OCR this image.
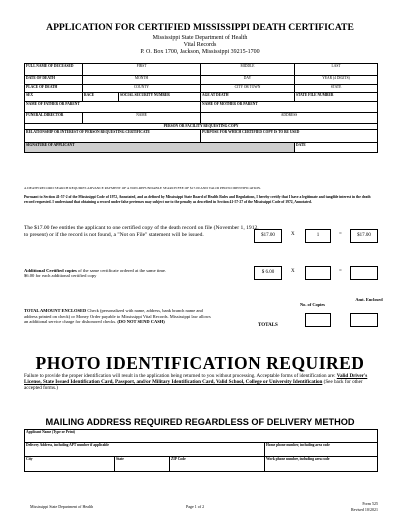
APPLICATION FOR CERTIFIED MISSISSIPPI DEATH CERTIFICATE
Mississippi State Department of Health
Vital Records
P. O. Box 1700, Jackson, Mississippi 39215-1700
FULL NAME OF DECEASED	FIRST		MIDDLE	LAST
DATE OF DEATH	MONTH		DAY	YEAR (4 DIGITS)
PLACE OF DEATH	COUNTY		CITY OR TOWN	STATE
SEX	RACE	SOCIAL SECURITY NUMBER	AGE AT DEATH	STATE FILE NUMBER
NAME OF FATHER OR PARENT			NAME OF MOTHER OR PARENT	
FUNERAL DIRECTOR	NAME		ADDRESS	
PERSON OR FACILITY REQUESTING COPY				
RELATIONSHIP OR INTEREST OF PERSON REQUESTING CERTIFICATE			PURPOSE FOR WHICH CERTIFIED COPY IS TO BE USED	
SIGNATURE OF APPLICANT				DATE
A DEATH RECORD SEARCH REQUIRES ADVANCE PAYMENT OF A NON-REFUNDABLE SEARCH FEE OF $17.00 AND VALID PHOTO IDENTIFICATION.
Pursuant to Section 41-57-2 of the Mississippi Code of 1972, Annotated, and as defined by Mississippi State Board of Health Rules and Regulations, I hereby certify that I have a legitimate and tangible interest in the death record requested. I understand that obtaining a record under false pretenses may subject me to the penalty as described in Section 41-57-27 of the Mississippi Code of 1972, Annotated.
The $17.00 fee entitles the applicant to one certified copy of the death record on file (November 1, 1912, to present) or if the record is not found, a "Not on File" statement will be issued.	$17.00	X	1	=	$17.00
Additional Certified copies of the same certificate ordered at the same time.
$6.00 for each additional certified copy
$ 6.00	X	=
No. of Copies
Amt. Enclosed
TOTAL AMOUNT ENCLOSED Check (personalized with name, address, bank branch name and address printed on check) or Money Order payable to Mississippi Vital Records. Mississippi law allows an additional service charge for dishonored checks. (DO NOT SEND CASH)
TOTALS
PHOTO IDENTIFICATION REQUIRED
Failure to provide the proper identification will result in the application being returned to you without processing. Acceptable forms of identification are: Valid Driver's License, State Issued Identification Card, Passport, and/or Military Identification Card, Valid School, College or University Identification (See back for other accepted forms.)
MAILING ADDRESS REQUIRED REGARDLESS OF DELIVERY METHOD
Applicant Name (Type or Print)			
Delivery Address, including APT number if applicable			Home phone number, including area code
City	State	ZIP Code	Work phone number, including area code
Mississippi State Department of Health	Page 1 of 2
Form 525
Revised 10/2021
